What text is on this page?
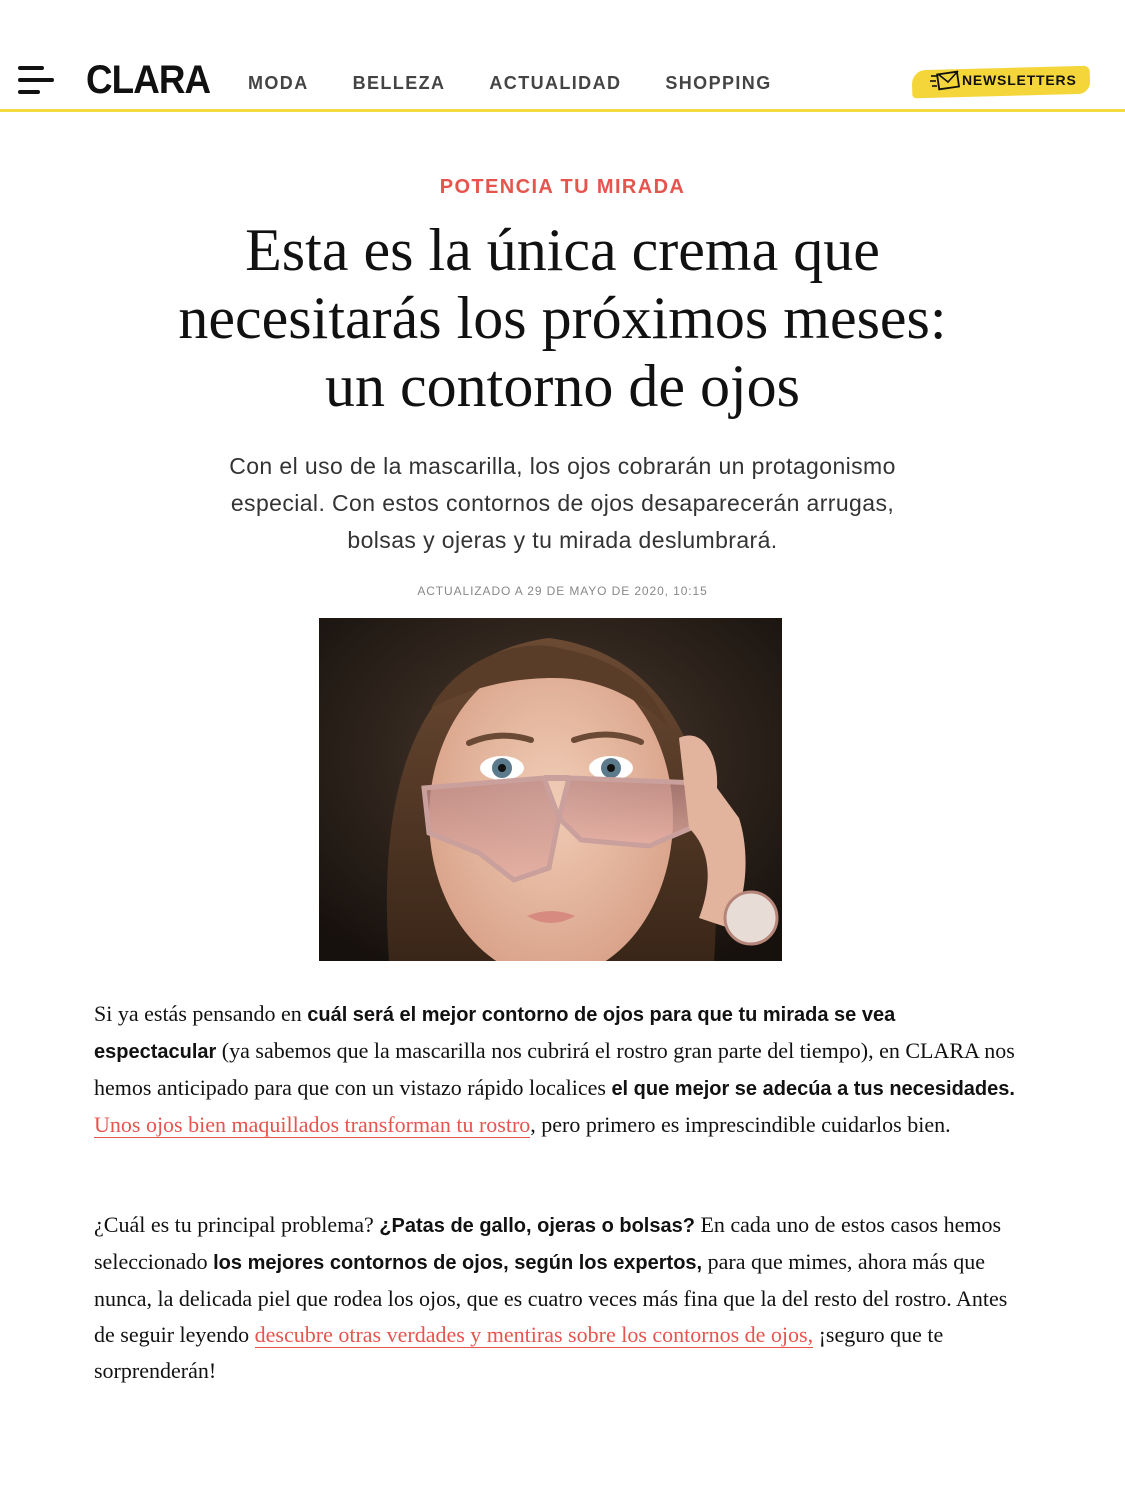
CLARA MODA BELLEZA ACTUALIDAD SHOPPING	NEWSLETTERS
POTENCIA TU MIRADA
Esta es la única crema que
necesitarás los próximos meses:
un contorno de ojos

Con el uso de la mascarilla, los ojos cobrarán un protagonismo
especial. Con estos contornos de ojos desaparecerán arrugas,
bolsas y ojeras y tu mirada deslumbrará.

ACTUALIZADO A 29 DE MAYO DE 2020, 10:15

Si ya estás pensando en cuál será el mejor contorno de ojos para que tu mirada se vea espectacular (ya sabemos que la mascarilla nos cubrirá el rostro gran parte del tiempo), en CLARA nos hemos anticipado para que con un vistazo rápido localices el que mejor se adecúa a tus necesidades. Unos ojos bien maquillados transforman tu rostro, pero primero es imprescindible cuidarlos bien.

¿Cuál es tu principal problema? ¿Patas de gallo, ojeras o bolsas? En cada uno de estos casos hemos seleccionado los mejores contornos de ojos, según los expertos, para que mimes, ahora más que nunca, la delicada piel que rodea los ojos, que es cuatro veces más fina que la del resto del rostro. Antes de seguir leyendo descubre otras verdades y mentiras sobre los contornos de ojos, ¡seguro que te sorprenderán!
